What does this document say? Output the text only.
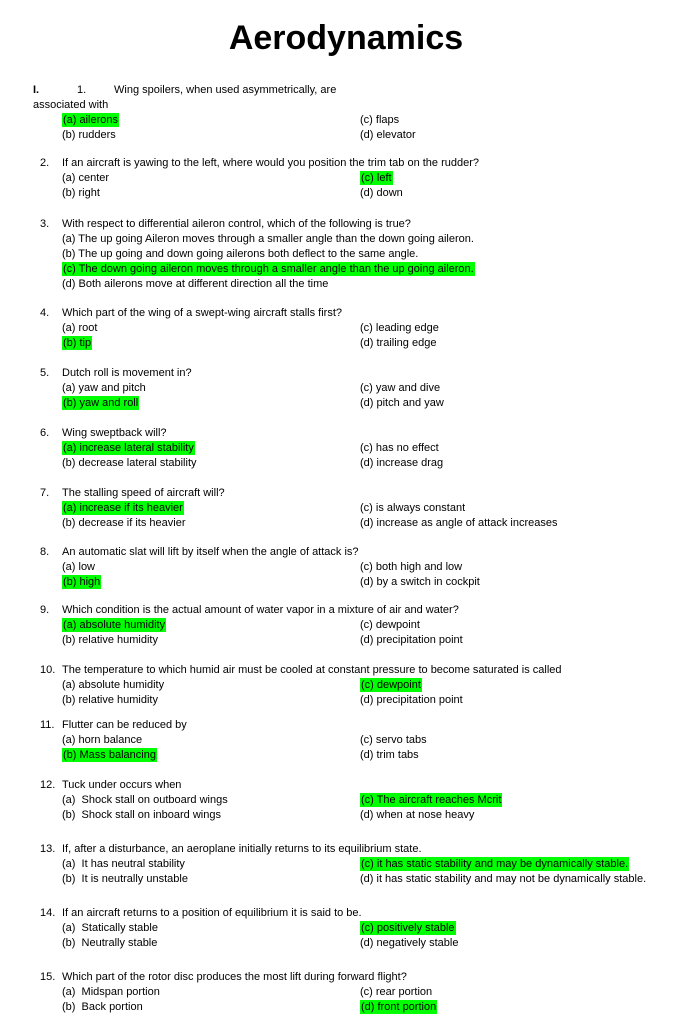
Aerodynamics
I.	1.	Wing spoilers, when used asymmetrically, are
associated with
(a) ailerons
(b) rudders
(c) flaps
(d) elevator
2. If an aircraft is yawing to the left, where would you position the trim tab on the rudder?
(a) center
(b) right
(c) left
(d) down
3. With respect to differential aileron control, which of the following is true?
(a) The up going Aileron moves through a smaller angle than the down going aileron.
(b) The up going and down going ailerons both deflect to the same angle.
(c) The down going aileron moves through a smaller angle than the up going aileron.
(d) Both ailerons move at different direction all the time
4. Which part of the wing of a swept-wing aircraft stalls first?
(a) root
(b) tip
(c) leading edge
(d) trailing edge
5. Dutch roll is movement in?
(a) yaw and pitch
(b) yaw and roll
(c) yaw and dive
(d) pitch and yaw
6. Wing sweptback will?
(a) increase lateral stability
(b) decrease lateral stability
(c) has no effect
(d) increase drag
7. The stalling speed of aircraft will?
(a) increase if its heavier
(b) decrease if its heavier
(c) is always constant
(d) increase as angle of attack increases
8. An automatic slat will lift by itself when the angle of attack is?
(a) low
(b) high
(c) both high and low
(d) by a switch in cockpit
9. Which condition is the actual amount of water vapor in a mixture of air and water?
(a) absolute humidity
(b) relative humidity
(c) dewpoint
(d) precipitation point
10. The temperature to which humid air must be cooled at constant pressure to become saturated is called
(a) absolute humidity
(b) relative humidity
(c) dewpoint
(d) precipitation point
11. Flutter can be reduced by
(a) horn balance
(b) Mass balancing
(c) servo tabs
(d) trim tabs
12. Tuck under occurs when
(a)  Shock stall on outboard wings
(b)  Shock stall on inboard wings
(c) The aircraft reaches Mcrit
(d) when at nose heavy
13. If, after a disturbance, an aeroplane initially returns to its equilibrium state.
(a)  It has neutral stability
(b)  It is neutrally unstable
(c) it has static stability and may be dynamically stable.
(d) it has static stability and may not be dynamically stable.
14. If an aircraft returns to a position of equilibrium it is said to be.
(a)  Statically stable
(b)  Neutrally stable
(c) positively stable
(d) negatively stable
15. Which part of the rotor disc produces the most lift during forward flight?
(a)  Midspan portion
(b)  Back portion
(c) rear portion
(d) front portion
